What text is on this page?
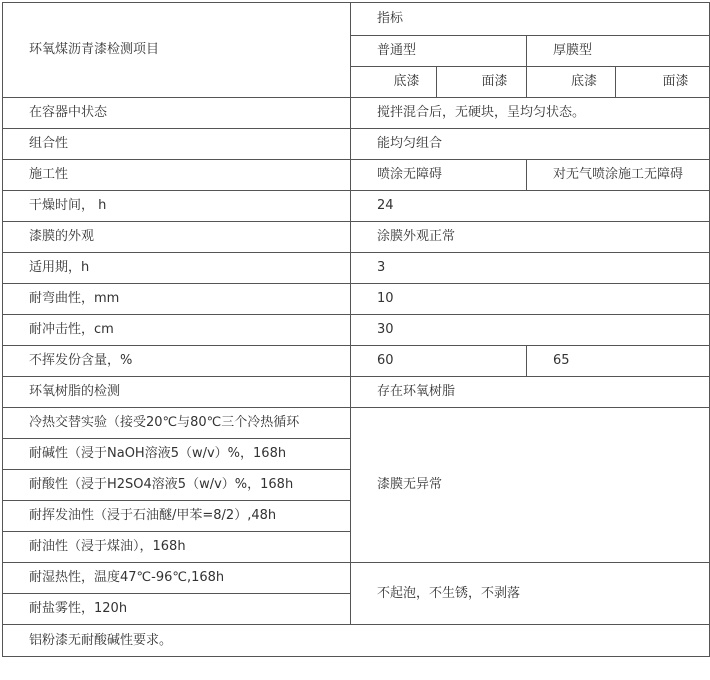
环氧煤沥青漆检测项目	指标			
	普通型		厚膜型	
	底漆	面漆	底漆	面漆
在容器中状态	搅拌混合后，无硬块，呈均匀状态。			
组合性	能均匀组合			
施工性	喷涂无障碍		对无气喷涂施工无障碍	
干燥时间， h	24			
漆膜的外观	涂膜外观正常			
适用期，h	3			
耐弯曲性，mm	10			
耐冲击性，cm	30			
不挥发份含量，%	60		65	
环氧树脂的检测	存在环氧树脂			
冷热交替实验（接受20℃与80℃三个冷热循环	漆膜无异常			
耐碱性（浸于NaOH溶液5（w/v）%，168h				
耐酸性（浸于H2SO4溶液5（w/v）%，168h				
耐挥发油性（浸于石油醚/甲苯=8/2）,48h				
耐油性（浸于煤油），168h				
耐湿热性，温度47℃-96℃,168h	不起泡，不生锈，不剥落			
耐盐雾性，120h				
铝粉漆无耐酸碱性要求。				
